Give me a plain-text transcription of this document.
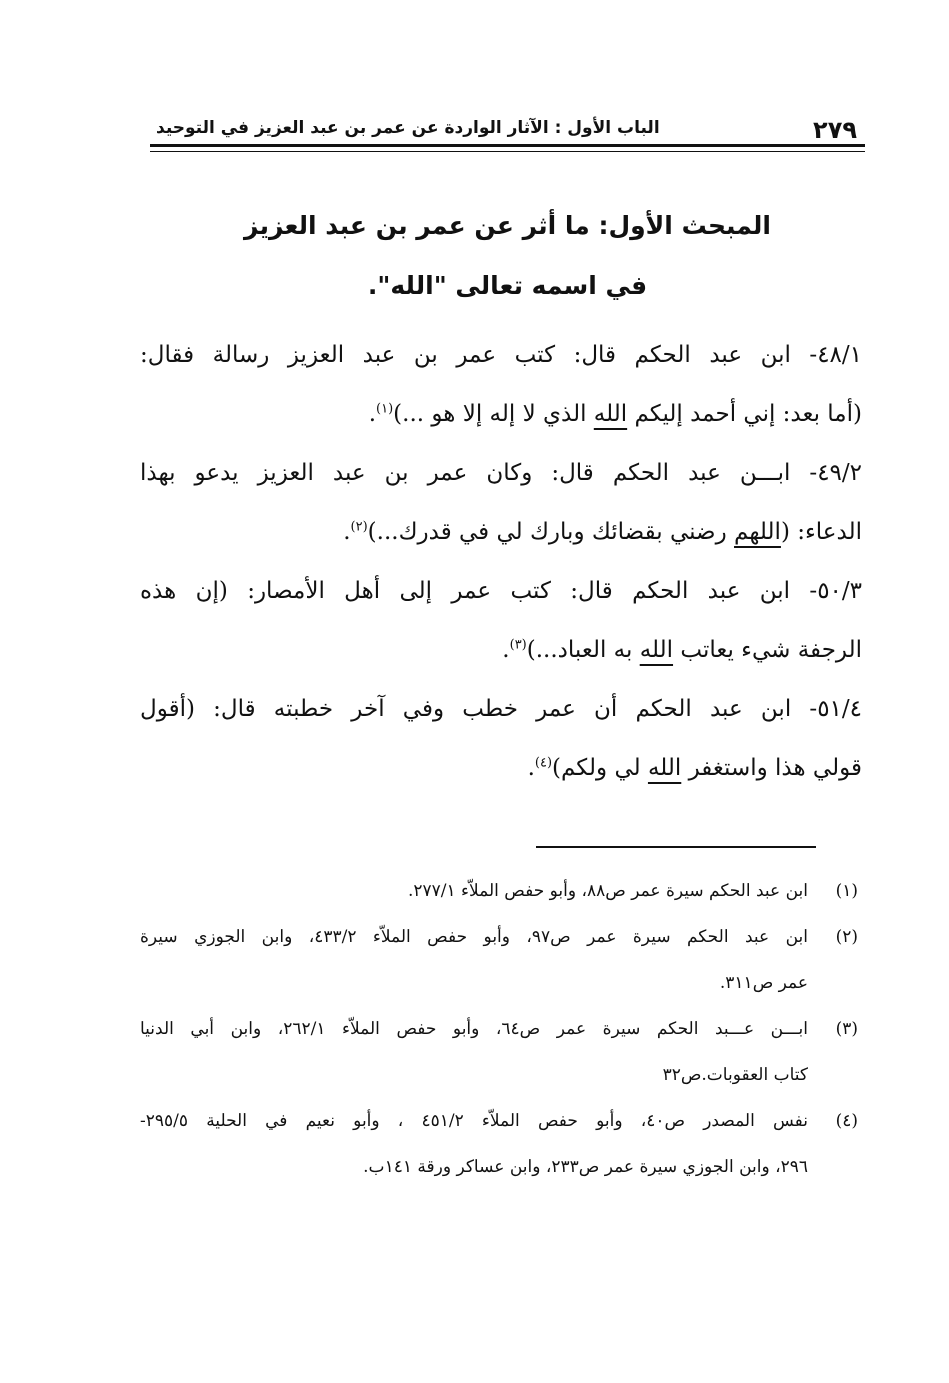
٢٧٩
الباب الأول : الآثار الواردة عن عمر بن عبد العزيز في التوحيد
المبحث الأول: ما أثر عن عمر بن عبد العزيز
في اسمه تعالى "الله".
٤٨/١- ابن عبد الحكم قال: كتب عمر بن عبد العزيز رسالة فقال:
(أما بعد: إني أحمد إليكم الله الذي لا إله إلا هو ...)$^{(١)}$.
٤٩/٢- ابـــن عبد الحكم قال: وكان عمر بن عبد العزيز يدعو بهذا
الدعاء: (اللهم رضني بقضائك وبارك لي في قدرك...)$^{(٢)}$.
٥٠/٣- ابن عبد الحكم قال: كتب عمر إلى أهل الأمصار: (إن هذه
الرجفة شيء يعاتب الله به العباد...)$^{(٣)}$.
٥١/٤- ابن عبد الحكم أن عمر خطب وفي آخر خطبته قال: (أقول
قولي هذا واستغفر الله لي ولكم)$^{(٤)}$.
(١)
ابن عبد الحكم سيرة عمر ص٨٨، وأبو حفص الملاّء ٢٧٧/١.
(٢)
ابن عبد الحكم سيرة عمر ص٩٧، وأبو حفص الملاّء ٤٣٣/٢، وابن الجوزي سيرة
عمر ص٣١١.
(٣)
ابـــن عـــبد الحكم سيرة عمر ص٦٤، وأبو حفص الملاّء ٢٦٢/١، وابن أبي الدنيا
كتاب العقوبات.ص٣٢
(٤)
نفس المصدر ص٤٠، وأبو حفص الملاّء ٤٥١/٢ ، وأبو نعيم في الحلية ٢٩٥/٥-
٢٩٦، وابن الجوزي سيرة عمر ص٢٣٣، وابن عساكر ورقة ١٤١ب.
